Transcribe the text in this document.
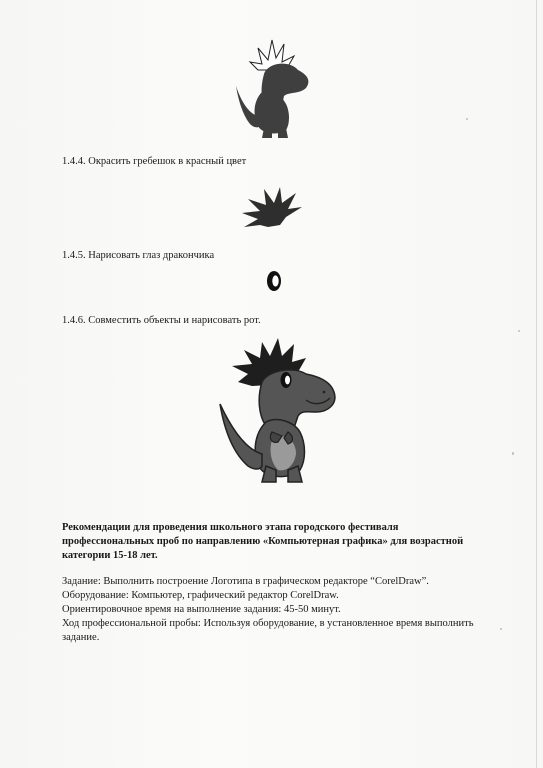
1.4.4. Окрасить гребешок в красный цвет
1.4.5. Нарисовать глаз дракончика
1.4.6. Совместить объекты и нарисовать рот.
Рекомендации для проведения школьного этапа городского фестиваля
профессиональных проб по направлению «Компьютерная графика» для возрастной
категории 15-18 лет.
Задание: Выполнить построение Логотипа в графическом редакторе “CorelDraw”.
Оборудование: Компьютер, графический редактор CorelDraw.
Ориентировочное время на выполнение задания: 45-50 минут.
Ход профессиональной пробы: Используя оборудование, в установленное время выполнить
задание.
